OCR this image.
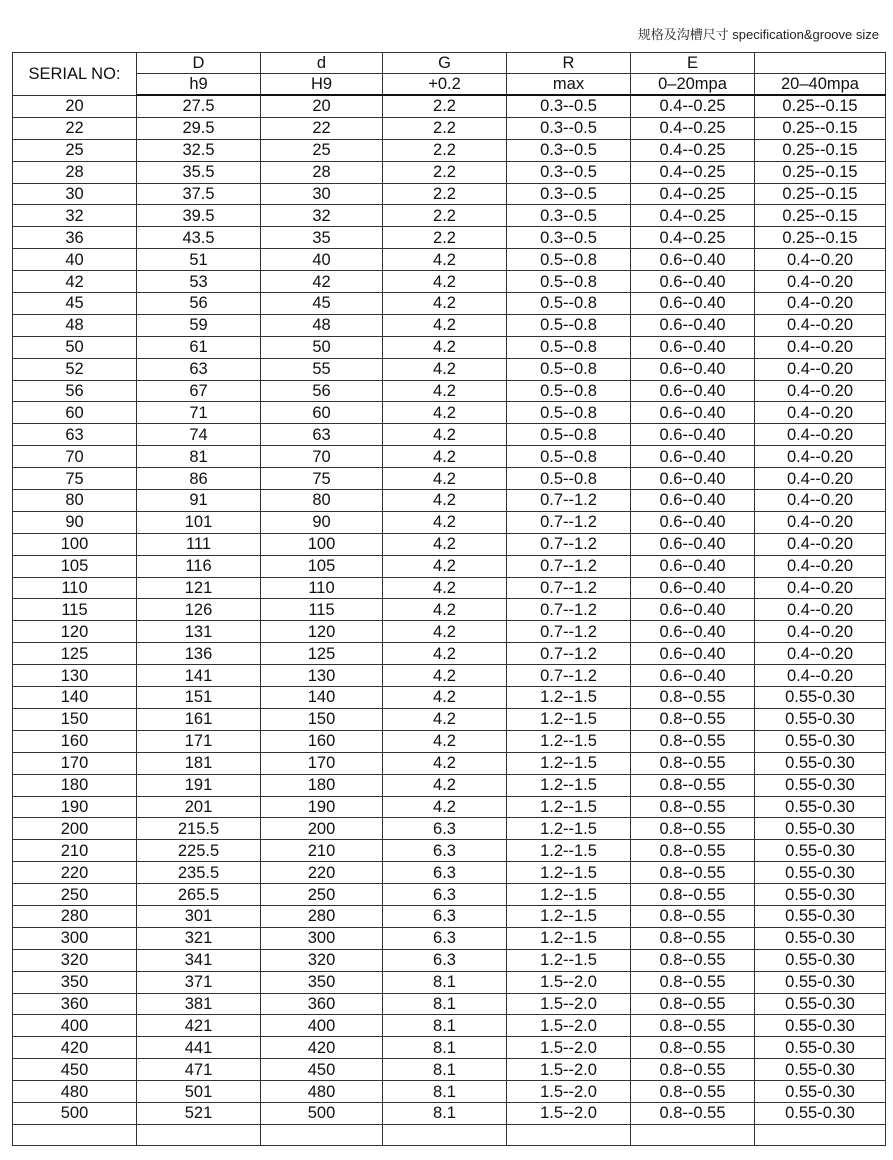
规格及沟槽尺寸 specification&groove size
SERIAL NO:	D	d	G	R	E	
	h9	H9	+0.2	max	0–20mpa	20–40mpa
20	27.5	20	2.2	0.3--0.5	0.4--0.25	0.25--0.15
22	29.5	22	2.2	0.3--0.5	0.4--0.25	0.25--0.15
25	32.5	25	2.2	0.3--0.5	0.4--0.25	0.25--0.15
28	35.5	28	2.2	0.3--0.5	0.4--0.25	0.25--0.15
30	37.5	30	2.2	0.3--0.5	0.4--0.25	0.25--0.15
32	39.5	32	2.2	0.3--0.5	0.4--0.25	0.25--0.15
36	43.5	35	2.2	0.3--0.5	0.4--0.25	0.25--0.15
40	51	40	4.2	0.5--0.8	0.6--0.40	0.4--0.20
42	53	42	4.2	0.5--0.8	0.6--0.40	0.4--0.20
45	56	45	4.2	0.5--0.8	0.6--0.40	0.4--0.20
48	59	48	4.2	0.5--0.8	0.6--0.40	0.4--0.20
50	61	50	4.2	0.5--0.8	0.6--0.40	0.4--0.20
52	63	55	4.2	0.5--0.8	0.6--0.40	0.4--0.20
56	67	56	4.2	0.5--0.8	0.6--0.40	0.4--0.20
60	71	60	4.2	0.5--0.8	0.6--0.40	0.4--0.20
63	74	63	4.2	0.5--0.8	0.6--0.40	0.4--0.20
70	81	70	4.2	0.5--0.8	0.6--0.40	0.4--0.20
75	86	75	4.2	0.5--0.8	0.6--0.40	0.4--0.20
80	91	80	4.2	0.7--1.2	0.6--0.40	0.4--0.20
90	101	90	4.2	0.7--1.2	0.6--0.40	0.4--0.20
100	111	100	4.2	0.7--1.2	0.6--0.40	0.4--0.20
105	116	105	4.2	0.7--1.2	0.6--0.40	0.4--0.20
110	121	110	4.2	0.7--1.2	0.6--0.40	0.4--0.20
115	126	115	4.2	0.7--1.2	0.6--0.40	0.4--0.20
120	131	120	4.2	0.7--1.2	0.6--0.40	0.4--0.20
125	136	125	4.2	0.7--1.2	0.6--0.40	0.4--0.20
130	141	130	4.2	0.7--1.2	0.6--0.40	0.4--0.20
140	151	140	4.2	1.2--1.5	0.8--0.55	0.55-0.30
150	161	150	4.2	1.2--1.5	0.8--0.55	0.55-0.30
160	171	160	4.2	1.2--1.5	0.8--0.55	0.55-0.30
170	181	170	4.2	1.2--1.5	0.8--0.55	0.55-0.30
180	191	180	4.2	1.2--1.5	0.8--0.55	0.55-0.30
190	201	190	4.2	1.2--1.5	0.8--0.55	0.55-0.30
200	215.5	200	6.3	1.2--1.5	0.8--0.55	0.55-0.30
210	225.5	210	6.3	1.2--1.5	0.8--0.55	0.55-0.30
220	235.5	220	6.3	1.2--1.5	0.8--0.55	0.55-0.30
250	265.5	250	6.3	1.2--1.5	0.8--0.55	0.55-0.30
280	301	280	6.3	1.2--1.5	0.8--0.55	0.55-0.30
300	321	300	6.3	1.2--1.5	0.8--0.55	0.55-0.30
320	341	320	6.3	1.2--1.5	0.8--0.55	0.55-0.30
350	371	350	8.1	1.5--2.0	0.8--0.55	0.55-0.30
360	381	360	8.1	1.5--2.0	0.8--0.55	0.55-0.30
400	421	400	8.1	1.5--2.0	0.8--0.55	0.55-0.30
420	441	420	8.1	1.5--2.0	0.8--0.55	0.55-0.30
450	471	450	8.1	1.5--2.0	0.8--0.55	0.55-0.30
480	501	480	8.1	1.5--2.0	0.8--0.55	0.55-0.30
500	521	500	8.1	1.5--2.0	0.8--0.55	0.55-0.30
